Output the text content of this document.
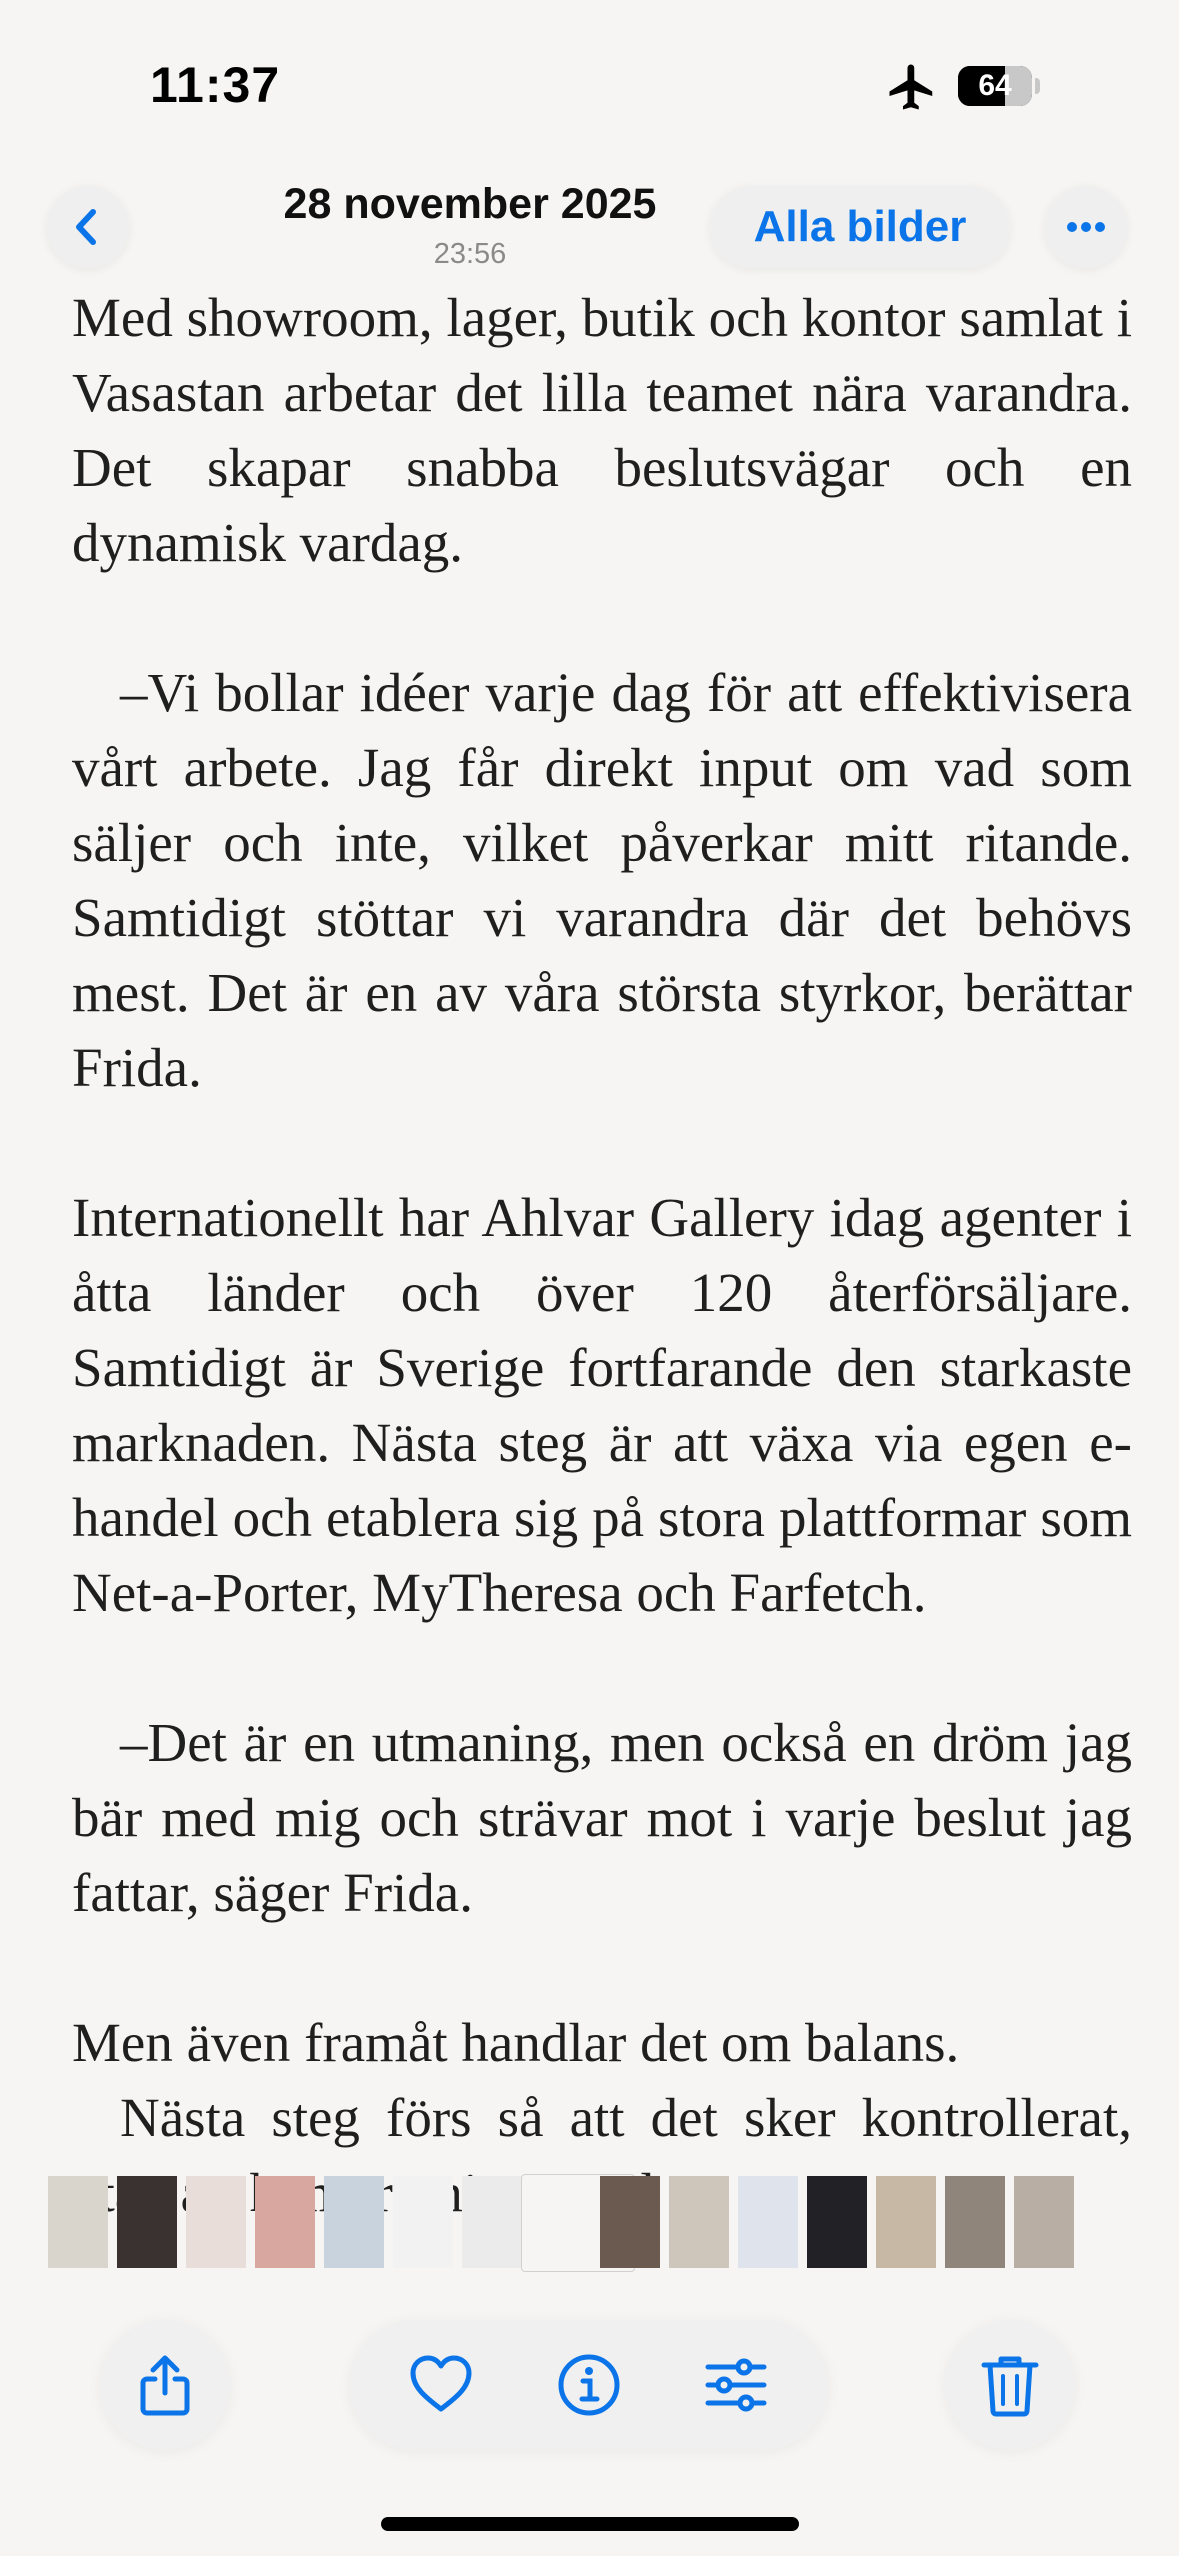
Med showroom, lager, butik och kontor samlat i Vasastan arbetar det lilla teamet nära varandra. Det skapar snabba beslutsvägar och en dynamisk vardag.

–Vi bollar idéer varje dag för att effektivisera vårt arbete. Jag får direkt input om vad som säljer och inte, vilket påverkar mitt ritande. Samtidigt stöttar vi varandra där det behövs mest. Det är en av våra största styrkor, berättar Frida.

Internationellt har Ahlvar Gallery idag agenter i åtta länder och över 120 återförsäljare. Samtidigt är Sverige fortfarande den starkaste marknaden. Nästa steg är att växa via egen e-handel och etablera sig på stora plattformar som Net-a-Porter, MyTheresa och Farfetch.

–Det är en utmaning, men också en dröm jag bär med mig och strävar mot i varje beslut jag fattar, säger Frida.

Men även framåt handlar det om balans.

Nästa steg förs så att det sker kontrollerat,

11:37	64
28 november 2025
23:56
Alla bilder
